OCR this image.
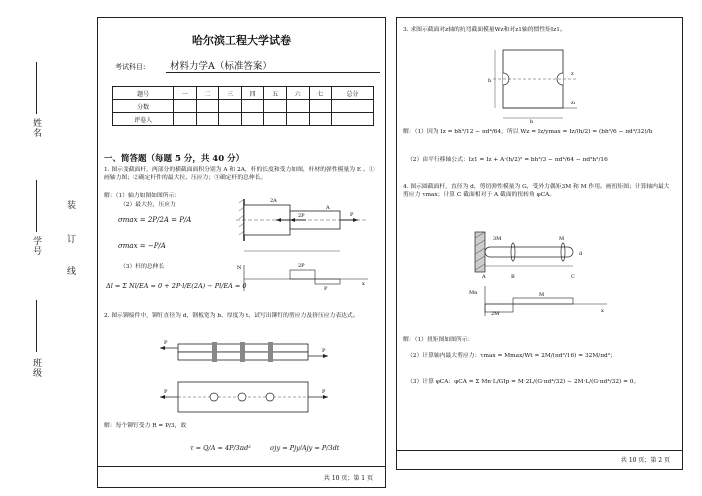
姓名
学号
班级
装
订
线
哈尔滨工程大学试卷
考试科目:	材料力学A（标准答案）
题号	一	二	三	四	五	六	七	总分
分数								
评卷人								
一、简答题（每题 5 分，共 40 分）
1. 图示变截面杆，两部分的横截面面积分别为 A 和 2A，杆的长度和受力如图，杆材的弹性模量为 E 。①画轴力图；②确定杆件的最大拉、压应力；③确定杆的总伸长。
解：（1）轴力如图如图所示：
（2）最大拉，压应力
σmax = 2P/2A = P/A
σmax = −P/A
（3）杆的总伸长
Δl = Σ Nl/EA = 0 + 2P·l/E(2A) − Pl/EA = 0
2A
A
P
2P
N	2P
P
x
2. 图示铆接件中，铆钉直径为 d，钢板宽为 b、厚度为 t，试写出铆钉的剪应力及挤压应力表达式。
P
P
P	P
解：每个铆钉受力 R = P/3，故
τ = Q/A = 4P/3πd²	σjy = Pjy/Ajy = P/3dt
共 10 页；第 1 页
3. 求图示截面对z轴的抗弯截面模量Wz和对z1轴的惯性矩Iz1。
z
z₁
h
b
解：（1）因为 Iz = bh³/12 − πd⁴/64，所以 Wz = Iz/ymax = Iz/(h/2) = (bh³/6 − πd⁴/32)/h
（2）由平行移轴公式：Iz1 = Iz + A·(h/2)² = bh³/3 − πd⁴/64 − πd²h²/16
4. 图示圆截面杆，直径为 d，剪切弹性模量为 G，受外力偶矩3M 和 M 作用。画扭矩图；计算轴内最大剪应力 τmax；计算 C 截面相对于 A 截面的扭转角 φCA。
3M	M
A	B	C
d
Mn	M
2M	x
解：（1）扭矩图如图所示：
（2）计算轴内最大剪应力：τmax = Mmax/Wt = 2M/(πd³/16) = 32M/πd³；
（3）计算 φCA：φCA = Σ Mn·L/GIp = M·2L/(G·πd⁴/32) − 2M·L/(G·πd⁴/32) = 0。
共 10 页；第 2 页
